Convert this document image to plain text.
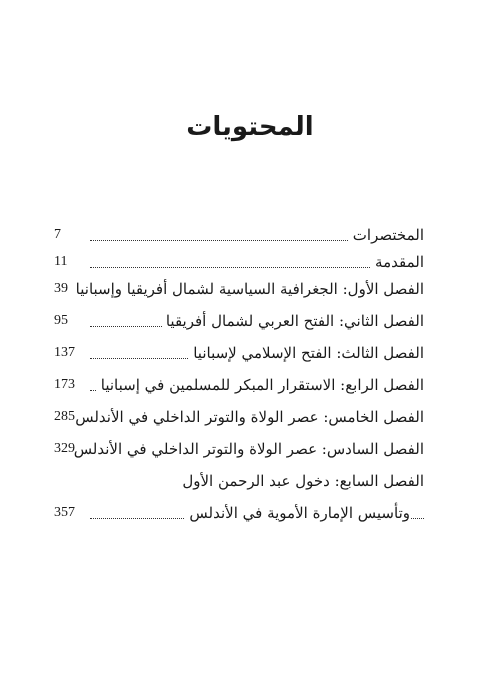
المحتويات
المختصرات
7
المقدمة
11
الفصل الأول: الجغرافية السياسية لشمال أفريقيا وإسبانيا
39
الفصل الثاني: الفتح العربي لشمال أفريقيا
95
الفصل الثالث: الفتح الإسلامي لإسبانيا
137
الفصل الرابع: الاستقرار المبكر للمسلمين في إسبانيا
173
الفصل الخامس: عصر الولاة والتوتر الداخلي في الأندلس
285
الفصل السادس: عصر الولاة والتوتر الداخلي في الأندلس
329
الفصل السابع: دخول عبد الرحمن الأول
وتأسيس الإمارة الأموية في الأندلس
357
